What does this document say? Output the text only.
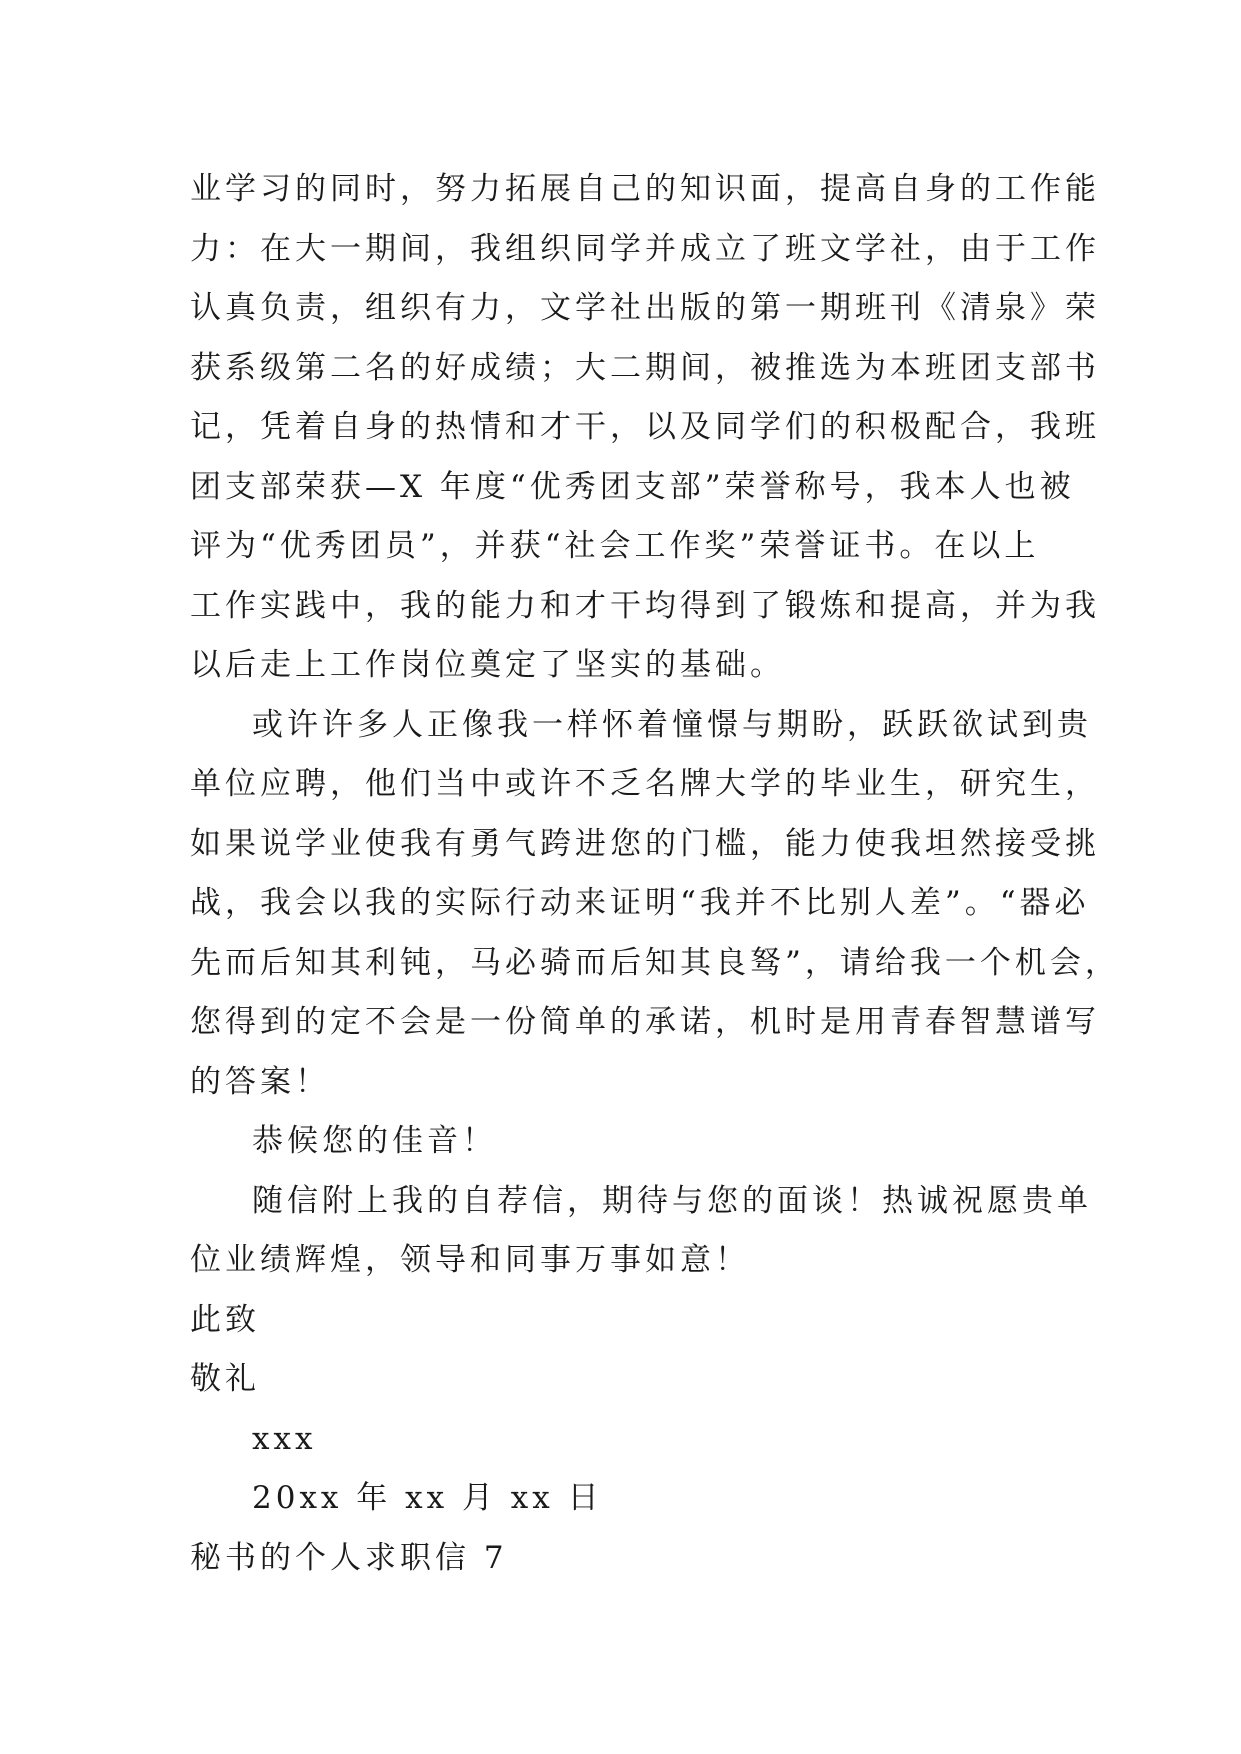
业学习的同时，努力拓展自己的知识面，提高自身的工作能
力：在大一期间，我组织同学并成立了班文学社，由于工作
认真负责，组织有力，文学社出版的第一期班刊《清泉》荣
获系级第二名的好成绩；大二期间，被推选为本班团支部书
记，凭着自身的热情和才干，以及同学们的积极配合，我班
团支部荣获—X 年度“优秀团支部”荣誉称号，我本人也被
评为“优秀团员”，并获“社会工作奖”荣誉证书。在以上
工作实践中，我的能力和才干均得到了锻炼和提高，并为我
以后走上工作岗位奠定了坚实的基础。
或许许多人正像我一样怀着憧憬与期盼，跃跃欲试到贵
单位应聘，他们当中或许不乏名牌大学的毕业生，研究生，
如果说学业使我有勇气跨进您的门槛，能力使我坦然接受挑
战，我会以我的实际行动来证明“我并不比别人差”。“器必
先而后知其利钝，马必骑而后知其良驽”，请给我一个机会，
您得到的定不会是一份简单的承诺，机时是用青春智慧谱写
的答案！
恭候您的佳音！
随信附上我的自荐信，期待与您的面谈！热诚祝愿贵单
位业绩辉煌，领导和同事万事如意！
此致
敬礼
xxx
20xx 年 xx 月 xx 日
秘书的个人求职信 7
